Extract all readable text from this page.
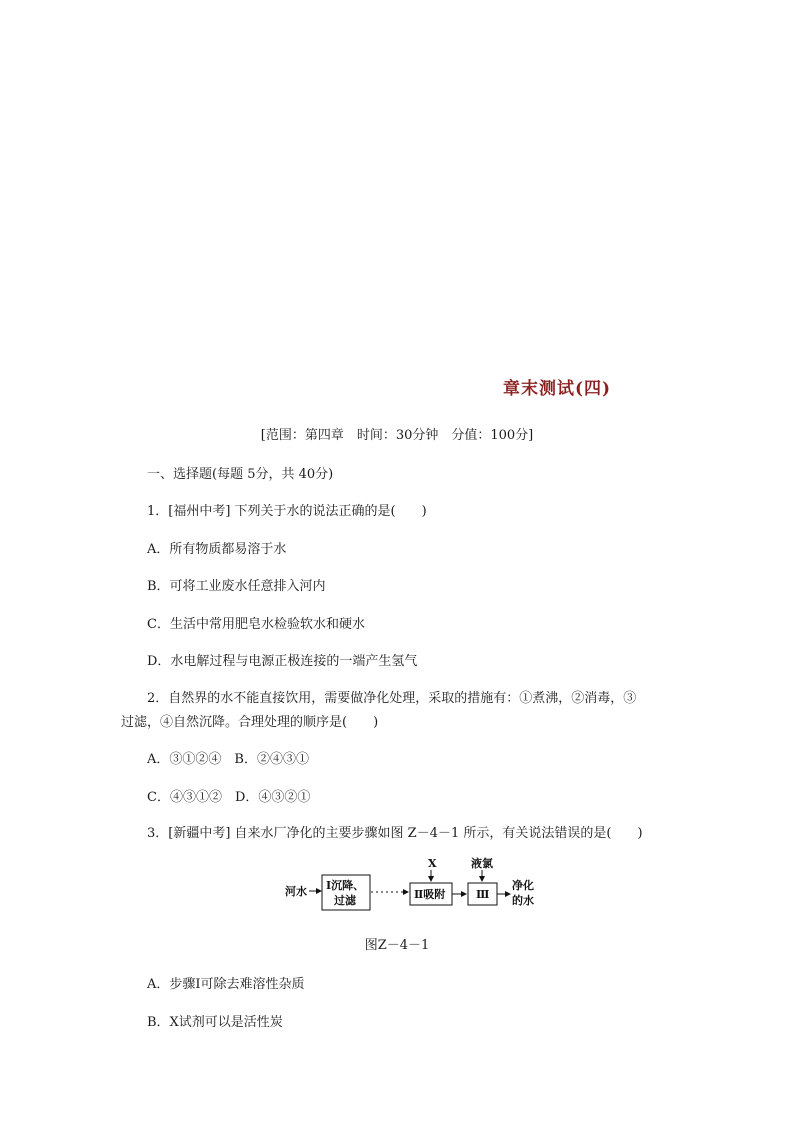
章末测试(四)
[范围：第四章　时间：30分钟　分值：100分]
一、选择题(每题 5分，共 40分)
1．[福州中考] 下列关于水的说法正确的是(　　)
A．所有物质都易溶于水
B．可将工业废水任意排入河内
C．生活中常用肥皂水检验软水和硬水
D．水电解过程与电源正极连接的一端产生氢气
2．自然界的水不能直接饮用，需要做净化处理，采取的措施有：①煮沸，②消毒，③
过滤，④自然沉降。合理处理的顺序是(　　)
A．③①②④　B．②④③①
C．④③①②　D．④③②①
3．[新疆中考] 自来水厂净化的主要步骤如图 Z－4－1 所示，有关说法错误的是(　　)
河水 Ⅰ沉降、
过滤	Ⅱ吸附
X
Ⅲ
液氯
净化
的水
图Z－4－1
A．步骤Ⅰ可除去难溶性杂质
B．X试剂可以是活性炭
